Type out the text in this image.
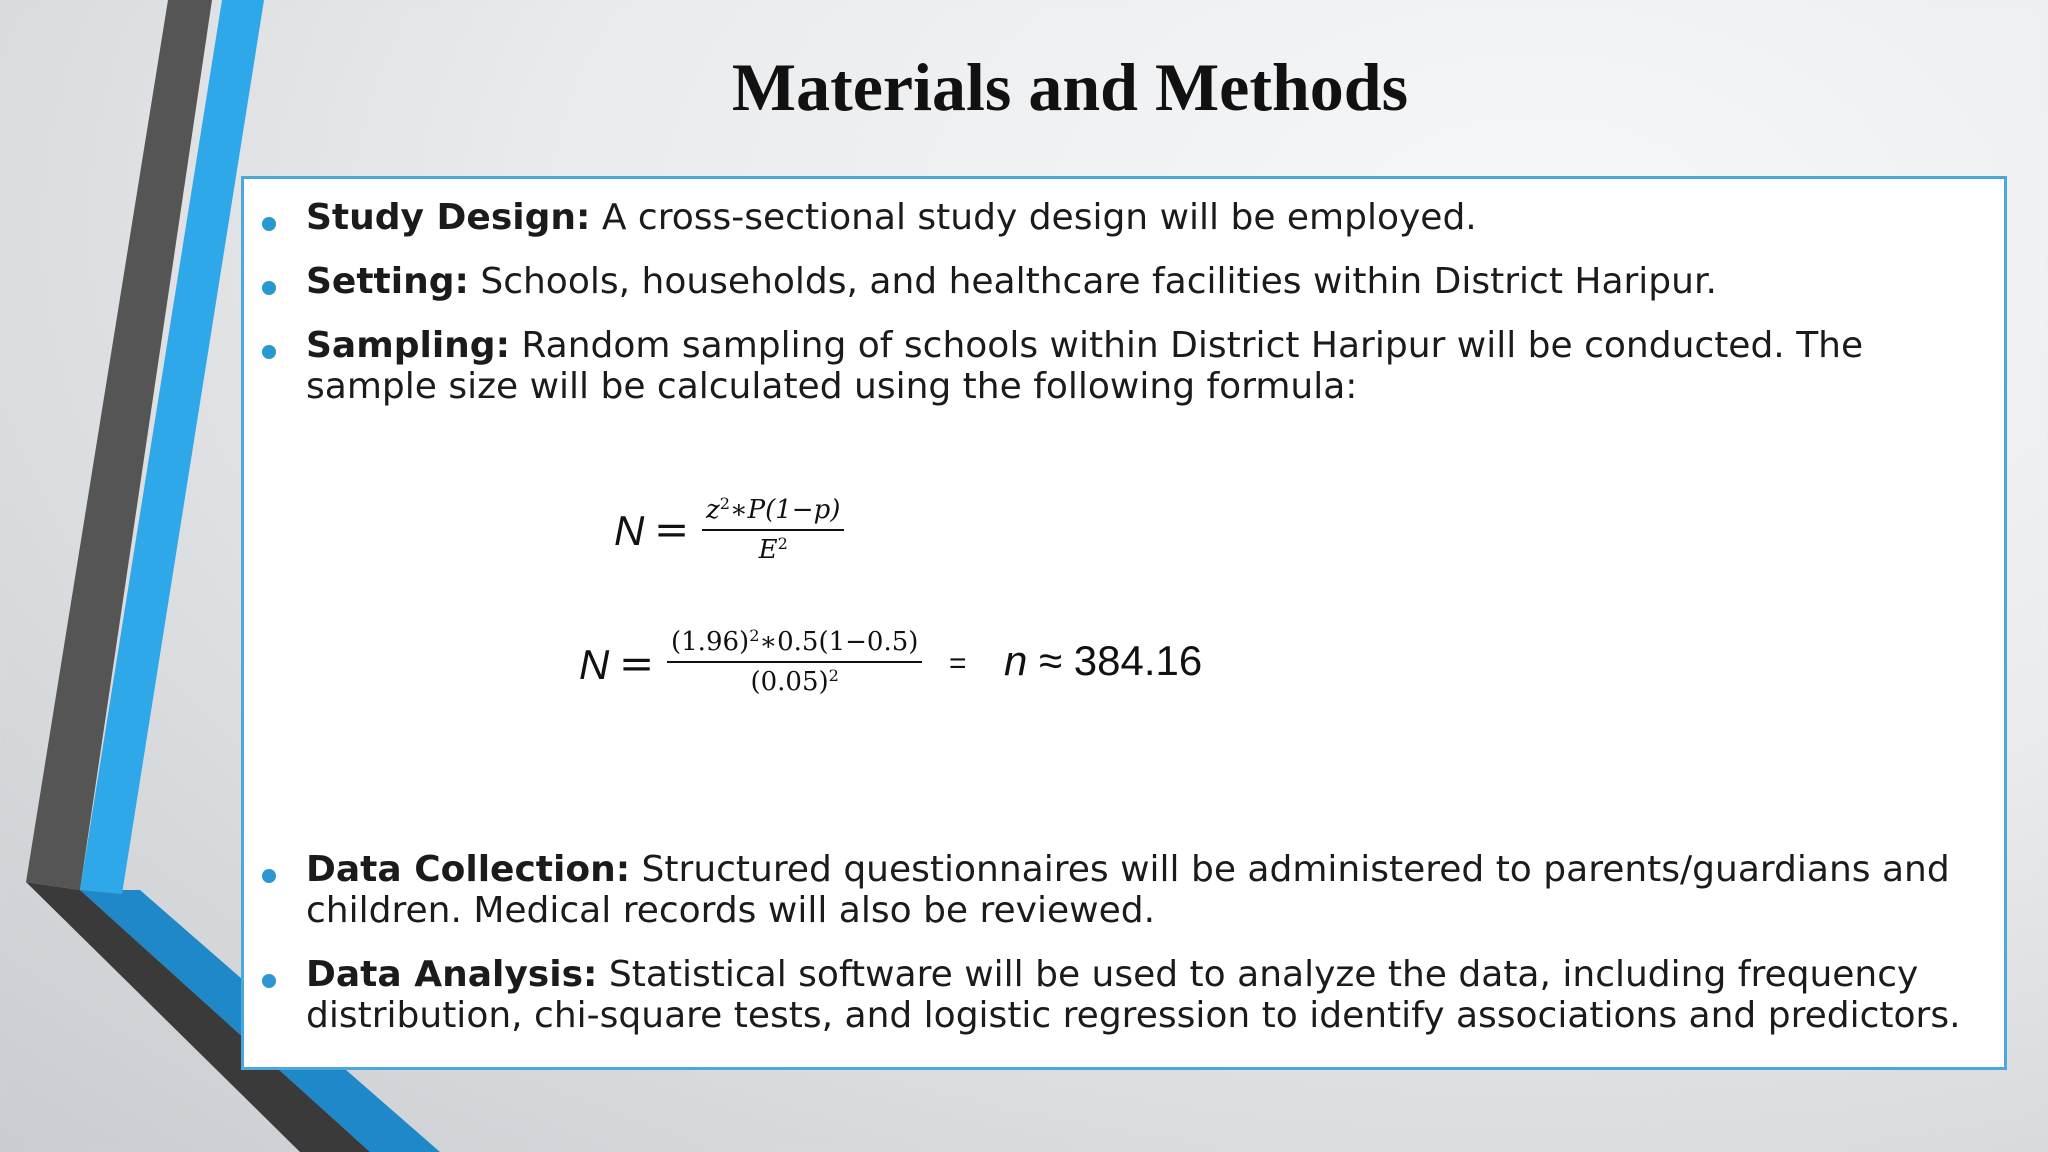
Materials and Methods
Study Design: A cross-sectional study design will be employed.
Setting: Schools, households, and healthcare facilities within District Haripur.
Sampling: Random sampling of schools within District Haripur will be conducted. The sample size will be calculated using the following formula:
$N = \frac{z^2∗P(1-p)}{E^2}$
$N = \frac{(1.96)^2∗0.5(1-0.5)}{(0.05)^2} = n \approx 384.16$
Data Collection: Structured questionnaires will be administered to parents/guardians and children. Medical records will also be reviewed.
Data Analysis: Statistical software will be used to analyze the data, including frequency distribution, chi-square tests, and logistic regression to identify associations and predictors.
